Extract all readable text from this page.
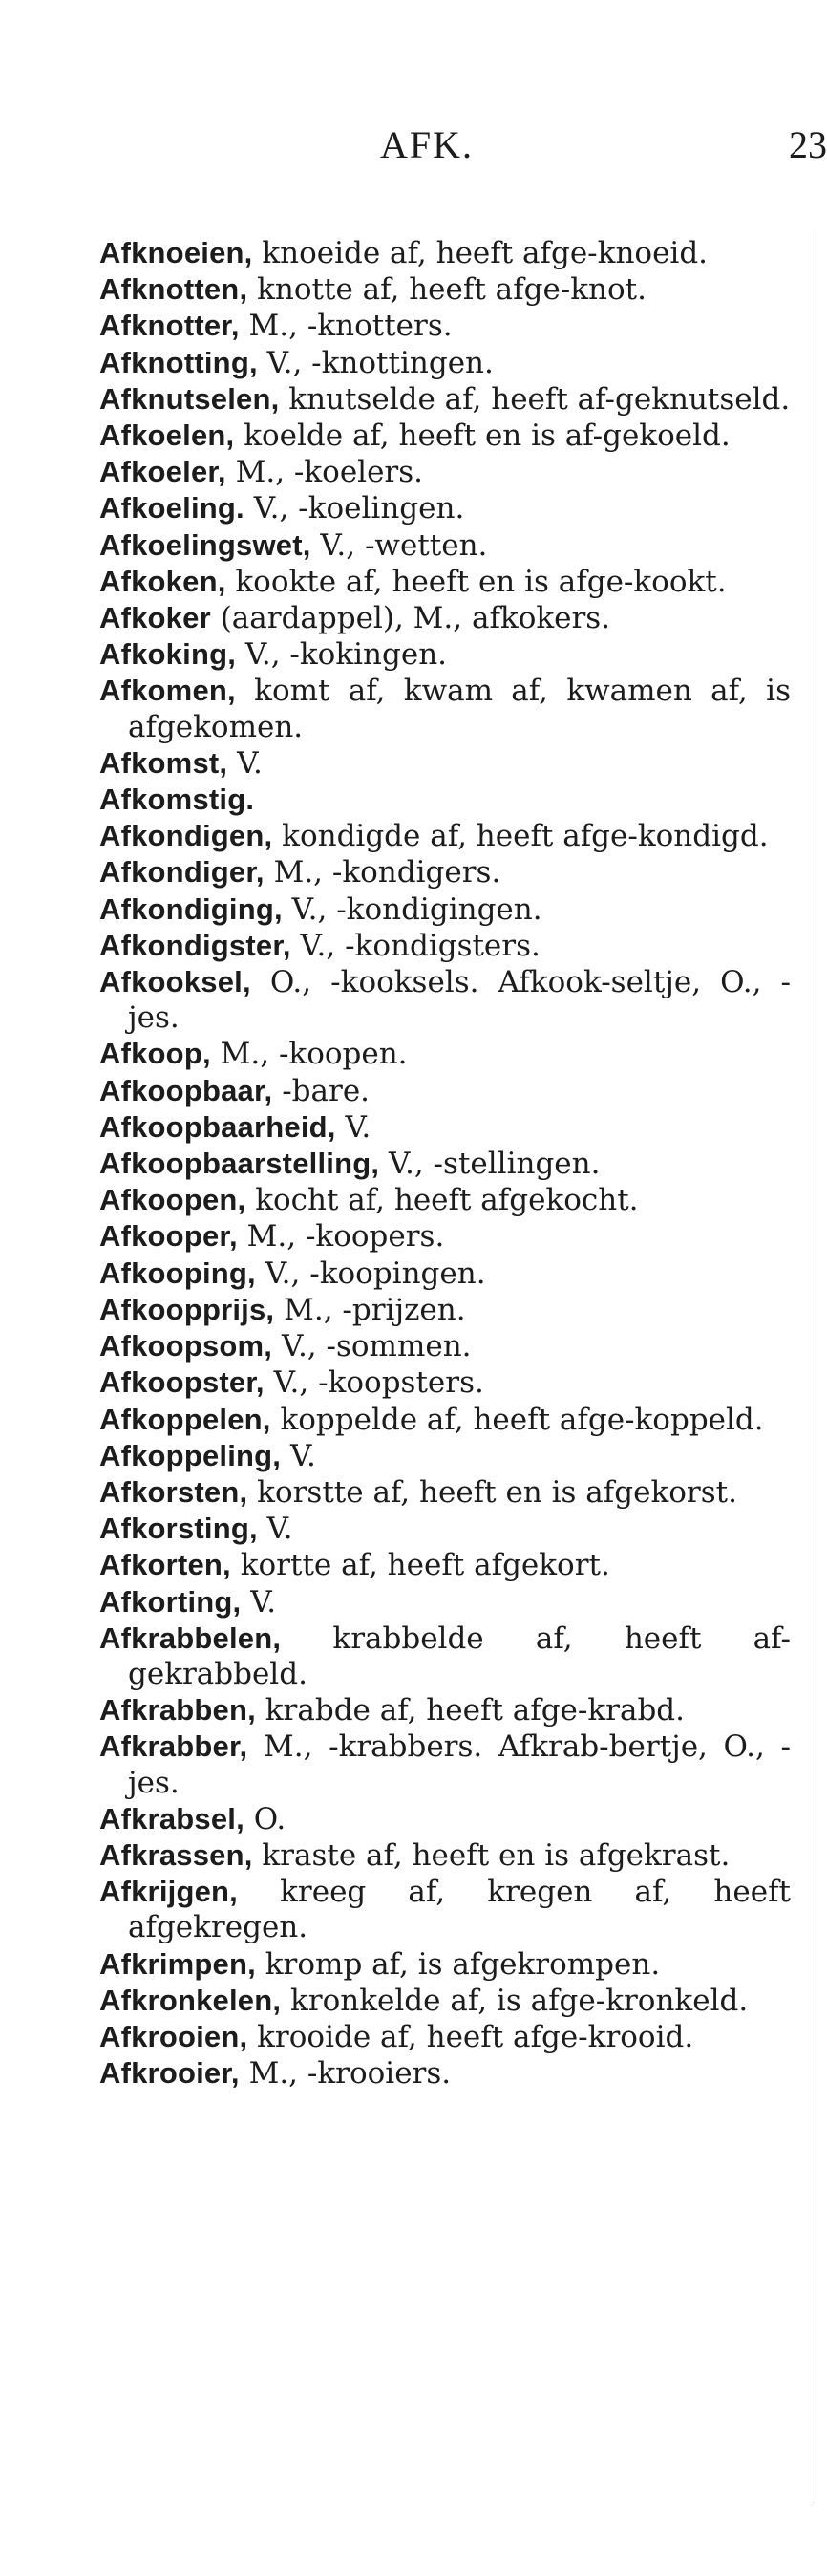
AFK.	23
Afknoeien, knoeide af, heeft afge-knoeid.
Afknotten, knotte af, heeft afge-knot.
Afknotter, M., -knotters.
Afknotting, V., -knottingen.
Afknutselen, knutselde af, heeft af-geknutseld.
Afkoelen, koelde af, heeft en is af-gekoeld.
Afkoeler, M., -koelers.
Afkoeling. V., -koelingen.
Afkoelingswet, V., -wetten.
Afkoken, kookte af, heeft en is afge-kookt.
Afkoker (aardappel), M., afkokers.
Afkoking, V., -kokingen.
Afkomen, komt af, kwam af, kwamen af, is afgekomen.
Afkomst, V.
Afkomstig.
Afkondigen, kondigde af, heeft afge-kondigd.
Afkondiger, M., -kondigers.
Afkondiging, V., -kondigingen.
Afkondigster, V., -kondigsters.
Afkooksel, O., -kooksels. Afkook-seltje, O., -jes.
Afkoop, M., -koopen.
Afkoopbaar, -bare.
Afkoopbaarheid, V.
Afkoopbaarstelling, V., -stellingen.
Afkoopen, kocht af, heeft afgekocht.
Afkooper, M., -koopers.
Afkooping, V., -koopingen.
Afkoopprijs, M., -prijzen.
Afkoopsom, V., -sommen.
Afkoopster, V., -koopsters.
Afkoppelen, koppelde af, heeft afge-koppeld.
Afkoppeling, V.
Afkorsten, korstte af, heeft en is afgekorst.
Afkorsting, V.
Afkorten, kortte af, heeft afgekort.
Afkorting, V.
Afkrabbelen, krabbelde af, heeft af-gekrabbeld.
Afkrabben, krabde af, heeft afge-krabd.
Afkrabber, M., -krabbers. Afkrab-bertje, O., -jes.
Afkrabsel, O.
Afkrassen, kraste af, heeft en is afgekrast.
Afkrijgen, kreeg af, kregen af, heeft afgekregen.
Afkrimpen, kromp af, is afgekrompen.
Afkronkelen, kronkelde af, is afge-kronkeld.
Afkrooien, krooide af, heeft afge-krooid.
Afkrooier, M., -krooiers.
